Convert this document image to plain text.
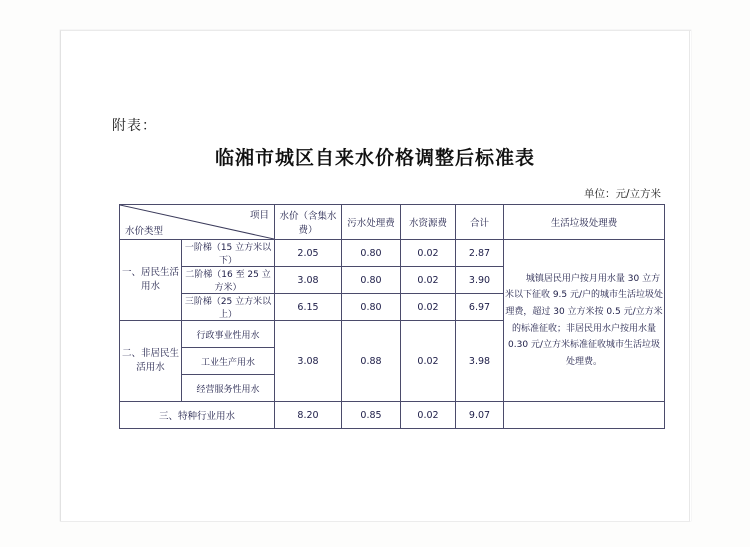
附表：
临湘市城区自来水价格调整后标准表
单位：元/立方米
项目
水价类型		水价（含集水费）	污水处理费	水资源费	合计	生活垃圾处理费
一、居民生活用水	一阶梯（15 立方米以下）	2.05	0.80	0.02	2.87	城镇居民用户按月用水量 30 立方米以下征收 9.5 元/户的城市生活垃圾处理费，超过 30 立方米按 0.5 元/立方米的标准征收；非居民用水户按用水量 0.30 元/立方米标准征收城市生活垃圾处理费。

	二阶梯（16 至 25 立方米）	3.08	0.80	0.02	3.90	
	三阶梯（25 立方米以上）	6.15	0.80	0.02	6.97	
二、非居民生活用水	行政事业性用水	3.08	0.88	0.02	3.98	
	工业生产用水					
	经营服务性用水					
三、特种行业用水		8.20	0.85	0.02	9.07	
